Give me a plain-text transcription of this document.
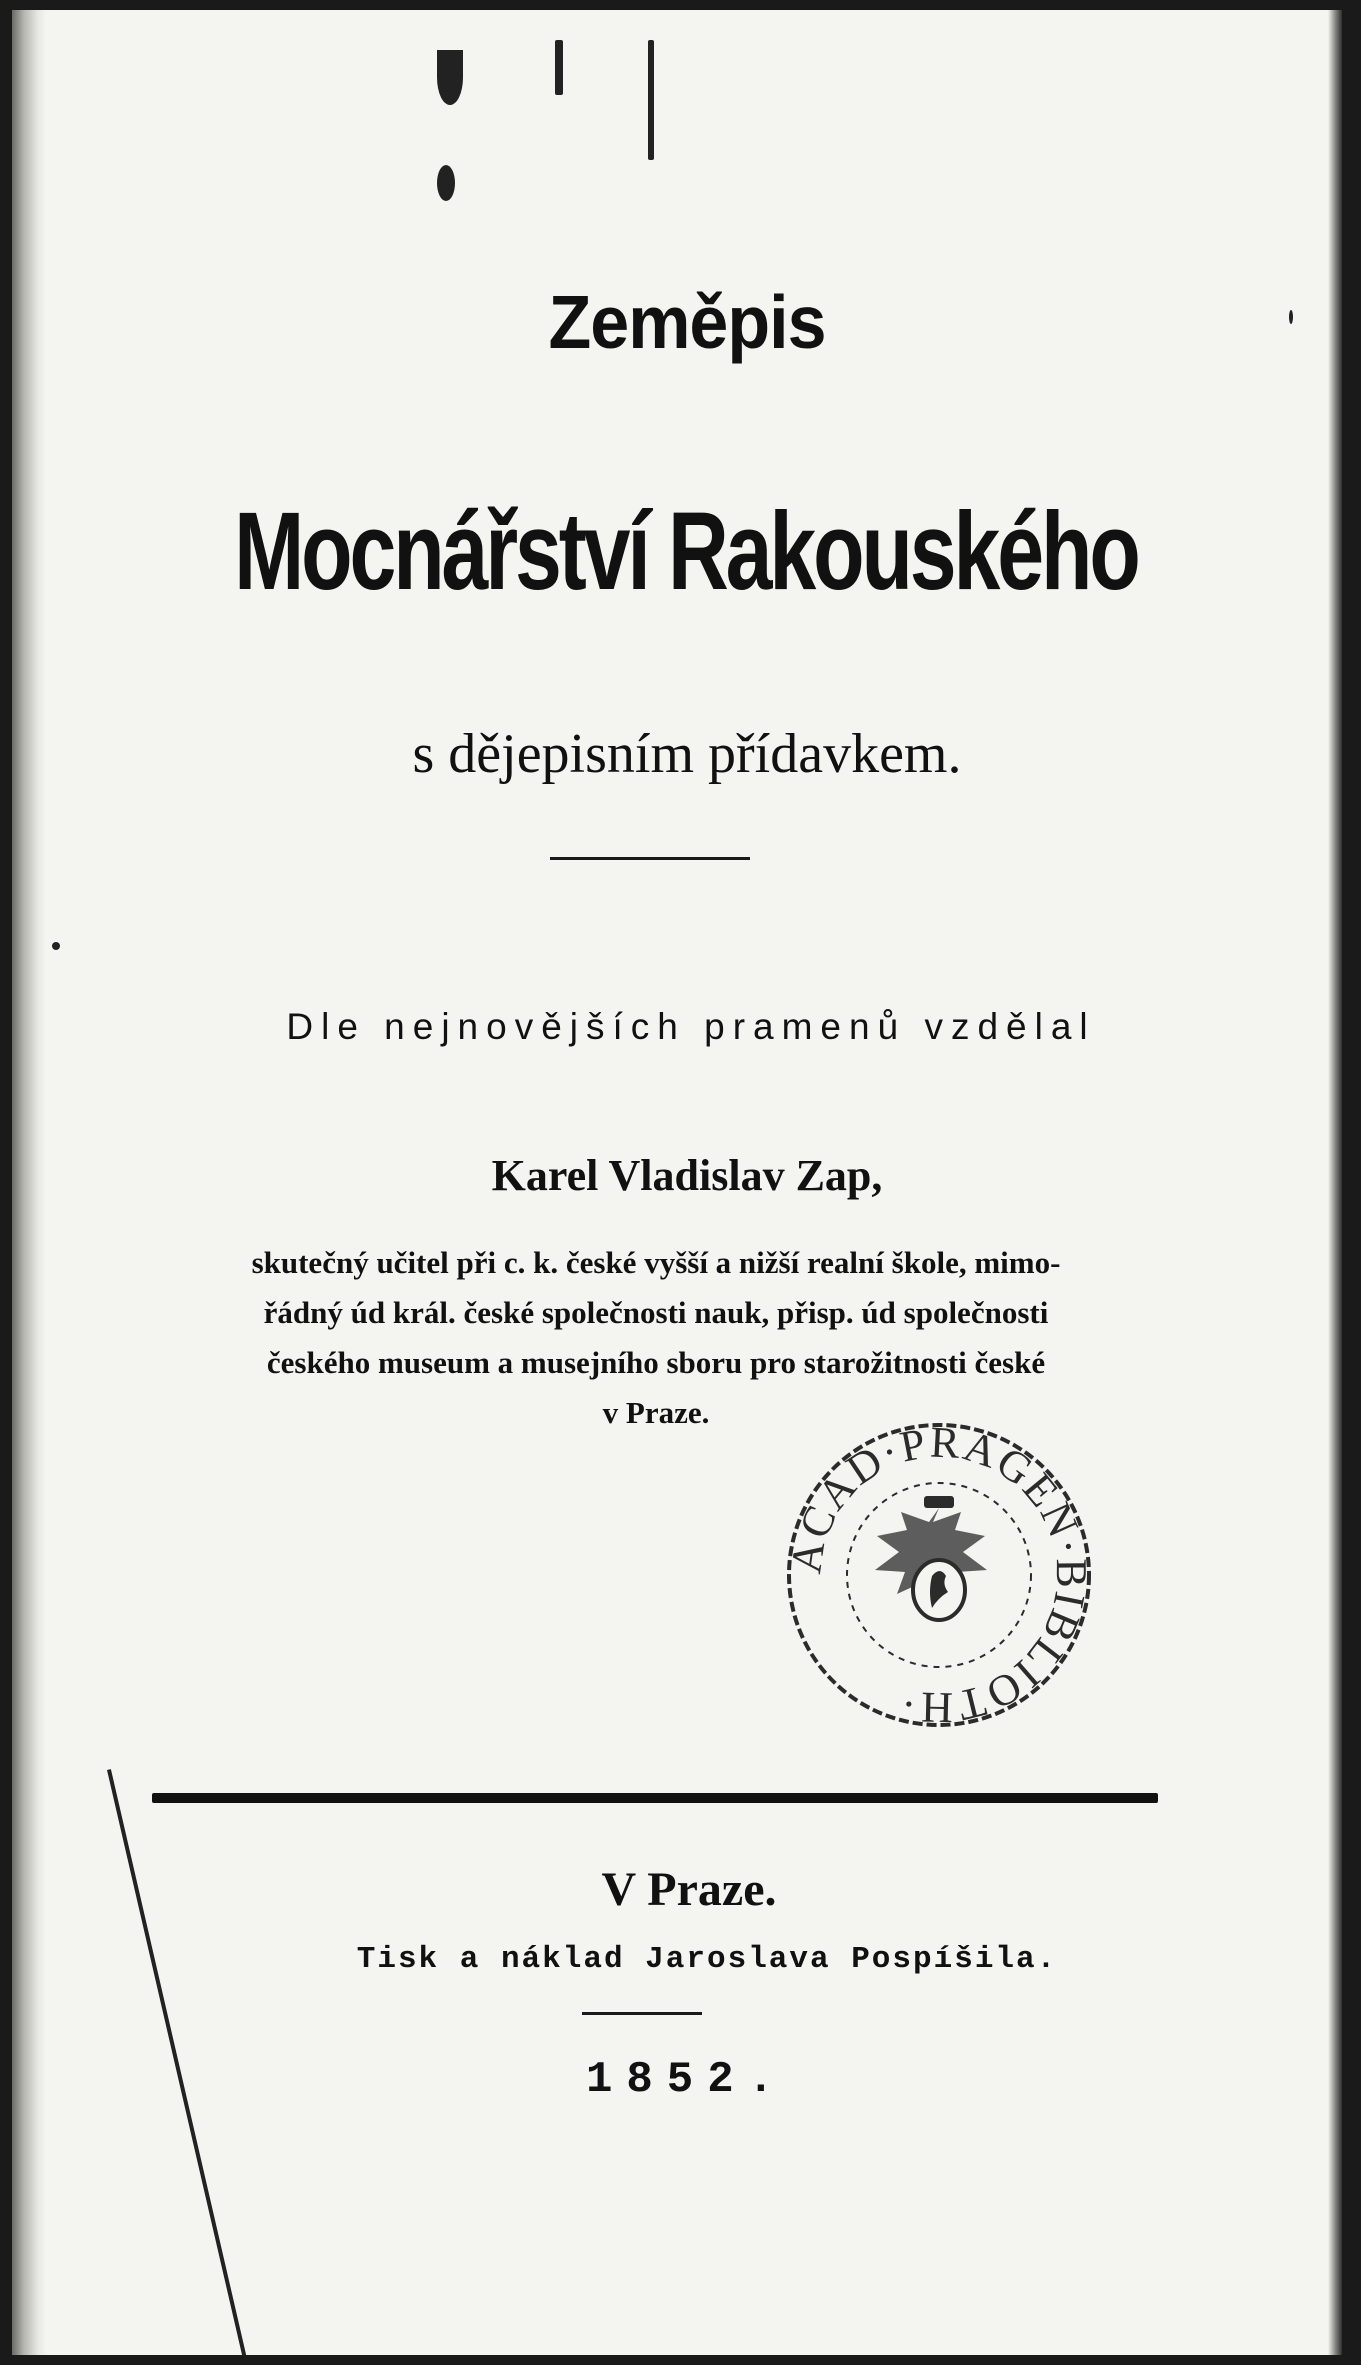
Zeměpis
Mocnářství Rakouského
s dějepisním přídavkem.
Dle nejnovějších pramenů vzdělal
Karel Vladislav Zap,
skutečný učitel při c. k. české vyšší a nižší realní škole, mimo-
řádný úd král. české společnosti nauk, přisp. úd společnosti
českého museum a musejního sboru pro starožitnosti české
v Praze.
ACAD·PRAGEN·BIBLIOTH·
V Praze.
Tisk a náklad Jaroslava Pospíšila.
1852.
